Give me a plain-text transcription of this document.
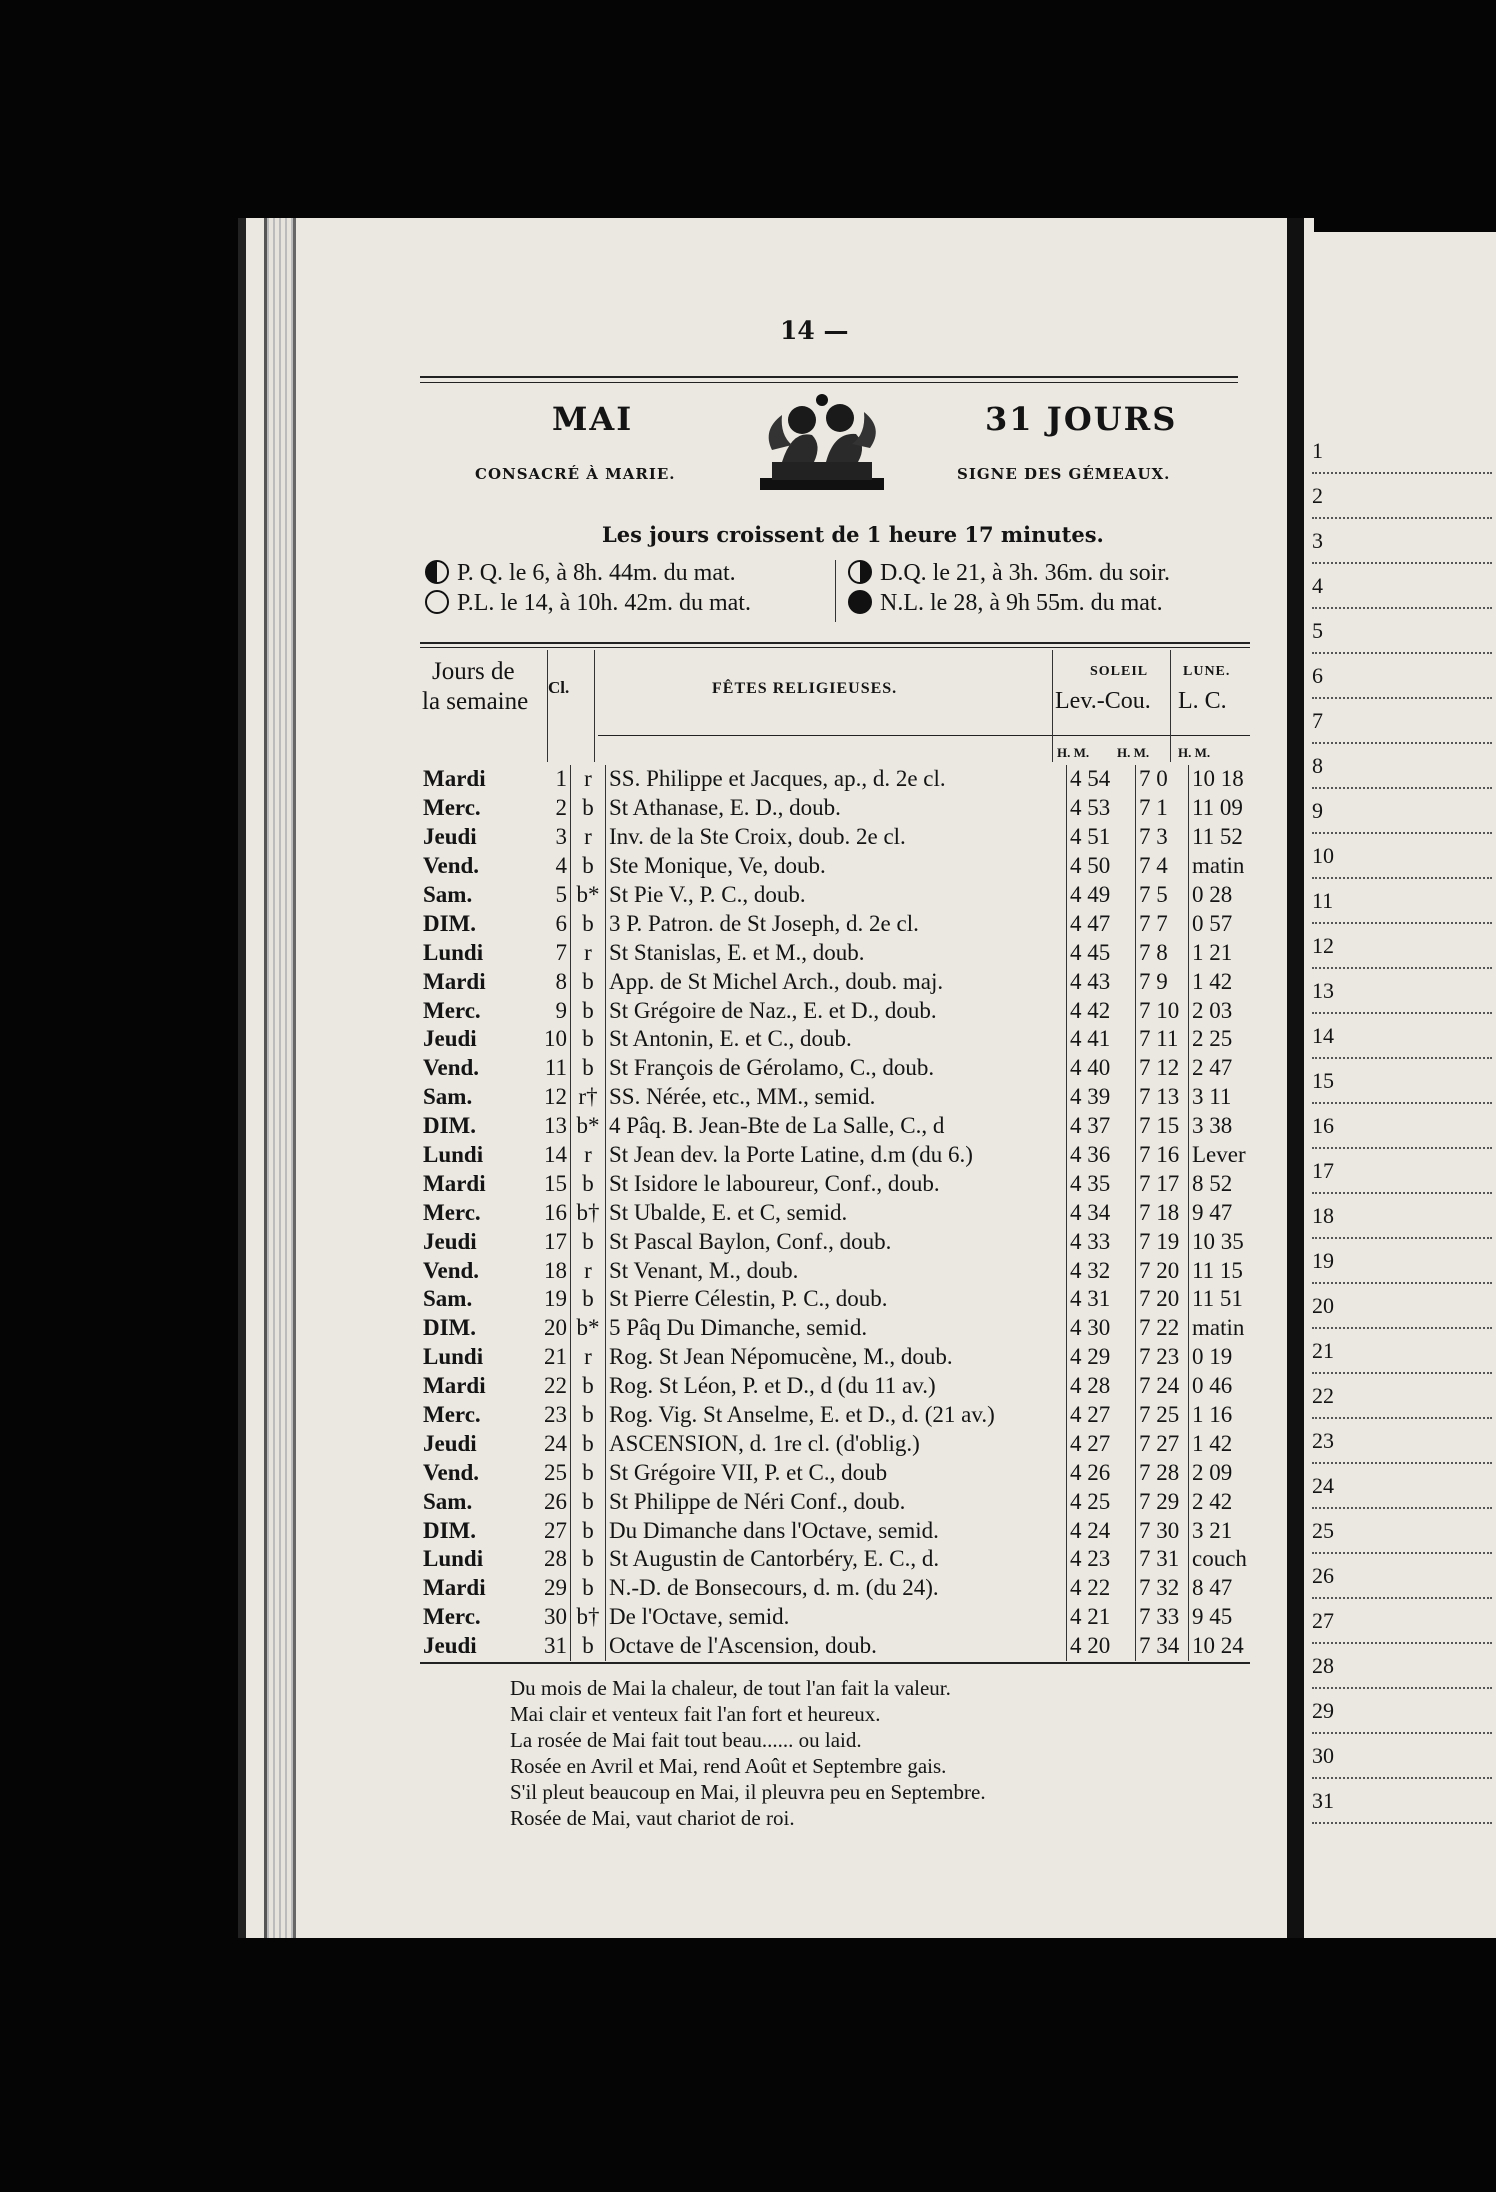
1
2
3
4
5
6
7
8
9
10
11
12
13
14
15
16
17
18
19
20
21
22
23
24
25
26
27
28
29
30
31
14 —
MAI	31 JOURS
CONSACRÉ À MARIE.	SIGNE DES GÉMEAUX.
Les jours croissent de 1 heure 17 minutes.
P. Q. le 6, à 8h. 44m. du mat.
P.L. le 14, à 10h. 42m. du mat.
D.Q. le 21, à 3h. 36m. du soir.
N.L. le 28, à 9h 55m. du mat.
Jours de
la semaine
Cl.	FÊTES RELIGIEUSES.
SOLEIL
Lev.-Cou.
LUNE.
L. C.
H. M. H. M. H. M.
Mardi	1	r	SS. Philippe et Jacques, ap., d. 2e cl.	4 54	7 0	10 18
Merc.	2	b	St Athanase, E. D., doub.	4 53	7 1	11 09
Jeudi	3	r	Inv. de la Ste Croix, doub. 2e cl.	4 51	7 3	11 52
Vend.	4	b	Ste Monique, Ve, doub.	4 50	7 4	matin
Sam.	5	b*	St Pie V., P. C., doub.	4 49	7 5	0 28
DIM.	6	b	3 P. Patron. de St Joseph, d. 2e cl.	4 47	7 7	0 57
Lundi	7	r	St Stanislas, E. et M., doub.	4 45	7 8	1 21
Mardi	8	b	App. de St Michel Arch., doub. maj.	4 43	7 9	1 42
Merc.	9	b	St Grégoire de Naz., E. et D., doub.	4 42	7 10	2 03
Jeudi	10	b	St Antonin, E. et C., doub.	4 41	7 11	2 25
Vend.	11	b	St François de Gérolamo, C., doub.	4 40	7 12	2 47
Sam.	12	r†	SS. Nérée, etc., MM., semid.	4 39	7 13	3 11
DIM.	13	b*	4 Pâq. B. Jean-Bte de La Salle, C., d	4 37	7 15	3 38
Lundi	14	r	St Jean dev. la Porte Latine, d.m (du 6.)	4 36	7 16	Lever
Mardi	15	b	St Isidore le laboureur, Conf., doub.	4 35	7 17	8 52
Merc.	16	b†	St Ubalde, E. et C, semid.	4 34	7 18	9 47
Jeudi	17	b	St Pascal Baylon, Conf., doub.	4 33	7 19	10 35
Vend.	18	r	St Venant, M., doub.	4 32	7 20	11 15
Sam.	19	b	St Pierre Célestin, P. C., doub.	4 31	7 20	11 51
DIM.	20	b*	5 Pâq Du Dimanche, semid.	4 30	7 22	matin
Lundi	21	r	Rog. St Jean Népomucène, M., doub.	4 29	7 23	0 19
Mardi	22	b	Rog. St Léon, P. et D., d (du 11 av.)	4 28	7 24	0 46
Merc.	23	b	Rog. Vig. St Anselme, E. et D., d. (21 av.)	4 27	7 25	1 16
Jeudi	24	b	ASCENSION, d. 1re cl. (d'oblig.)	4 27	7 27	1 42
Vend.	25	b	St Grégoire VII, P. et C., doub	4 26	7 28	2 09
Sam.	26	b	St Philippe de Néri Conf., doub.	4 25	7 29	2 42
DIM.	27	b	Du Dimanche dans l'Octave, semid.	4 24	7 30	3 21
Lundi	28	b	St Augustin de Cantorbéry, E. C., d.	4 23	7 31	couch
Mardi	29	b	N.-D. de Bonsecours, d. m. (du 24).	4 22	7 32	8 47
Merc.	30	b†	De l'Octave, semid.	4 21	7 33	9 45
Jeudi	31	b	Octave de l'Ascension, doub.	4 20	7 34	10 24
Du mois de Mai la chaleur, de tout l'an fait la valeur.
Mai clair et venteux fait l'an fort et heureux.
La rosée de Mai fait tout beau...... ou laid.
Rosée en Avril et Mai, rend Août et Septembre gais.
S'il pleut beaucoup en Mai, il pleuvra peu en Septembre.
Rosée de Mai, vaut chariot de roi.
